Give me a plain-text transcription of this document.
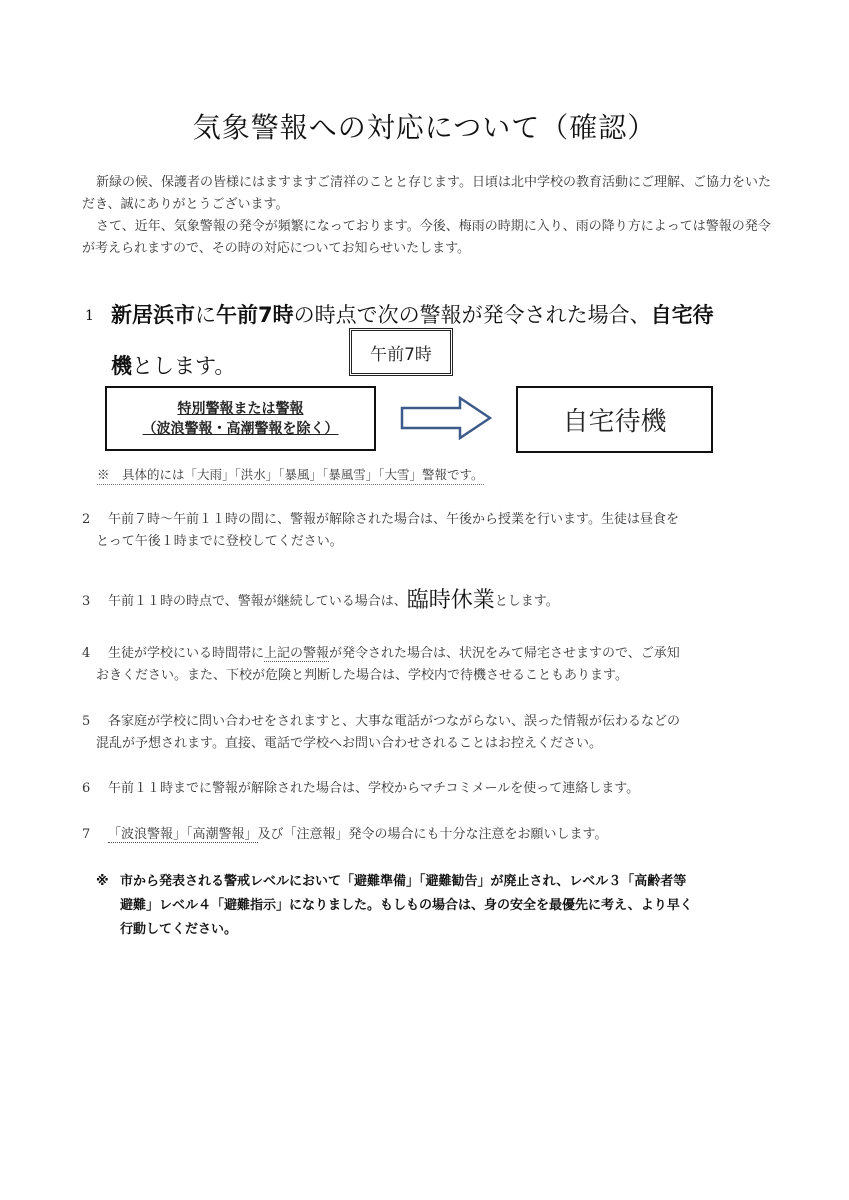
気象警報への対応について（確認）

新緑の候、保護者の皆様にはますますご清祥のことと存じます。日頃は北中学校の教育活動にご理解、ご協力をいただき、誠にありがとうございます。

さて、近年、気象警報の発令が頻繁になっております。今後、梅雨の時期に入り、雨の降り方によっては警報の発令が考えられますので、その時の対応についてお知らせいたします。

1 新居浜市に午前7時の時点で次の警報が発令された場合、自宅待
機とします。	午前7時
特別警報または警報
（波浪警報・高潮警報を除く）	自宅待機
※　具体的には「大雨」「洪水」「暴風」「暴風雪」「大雪」警報です。
2 午前７時～午前１１時の間に、警報が解除された場合は、午後から授業を行います。生徒は昼食を
とって午後１時までに登校してください。
3 午前１１時の時点で、警報が継続している場合は、臨時休業とします。
4 生徒が学校にいる時間帯に上記の警報が発令された場合は、状況をみて帰宅させますので、ご承知
おきください。また、下校が危険と判断した場合は、学校内で待機させることもあります。
5 各家庭が学校に問い合わせをされますと、大事な電話がつながらない、誤った情報が伝わるなどの
混乱が予想されます。直接、電話で学校へお問い合わせされることはお控えください。
6 午前１１時までに警報が解除された場合は、学校からマチコミメールを使って連絡します。
7 「波浪警報」「高潮警報」及び「注意報」発令の場合にも十分な注意をお願いします。
※ 市から発表される警戒レベルにおいて「避難準備」「避難勧告」が廃止され、レベル３「高齢者等
避難」レベル４「避難指示」になりました。もしもの場合は、身の安全を最優先に考え、より早く
行動してください。
